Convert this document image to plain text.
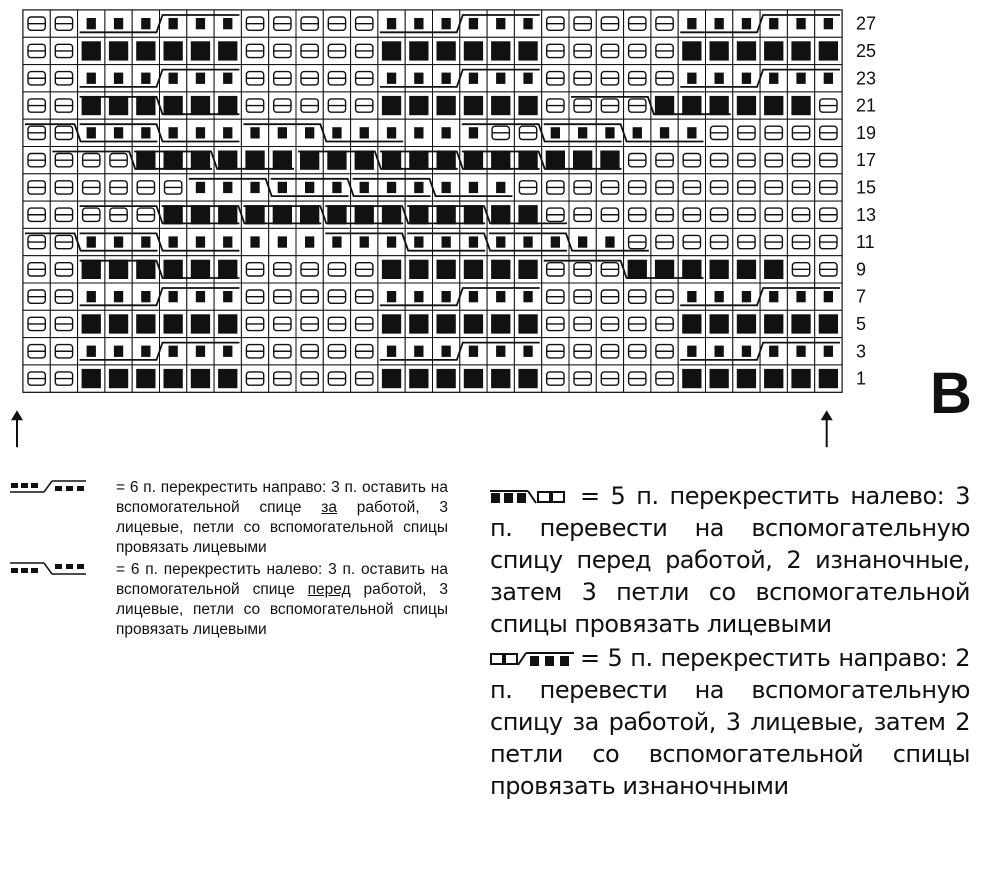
27
25
23
21
19
17
15
13
11
9
7
5
3
1 B
= 6 п. перекрестить направо: 3 п. оставить на вспомогательной спице за работой, 3 лицевые, петли со вспомогательной спицы провязать лицевыми
= 6 п. перекрестить налево: 3 п. оставить на вспомогательной спице перед работой, 3 лицевые, петли со вспомогательной спицы провязать лицевыми
= 5 п. перекрестить налево: 3 п. перевести на вспомогательную спицу перед работой, 2 изнаночные, затем 3 петли со вспомогательной спицы провязать лицевыми
= 5 п. перекрестить направо: 2 п. перевести на вспомогательную спицу за работой, 3 лицевые, затем 2 петли со вспомогательной спицы провязать изнаночными
